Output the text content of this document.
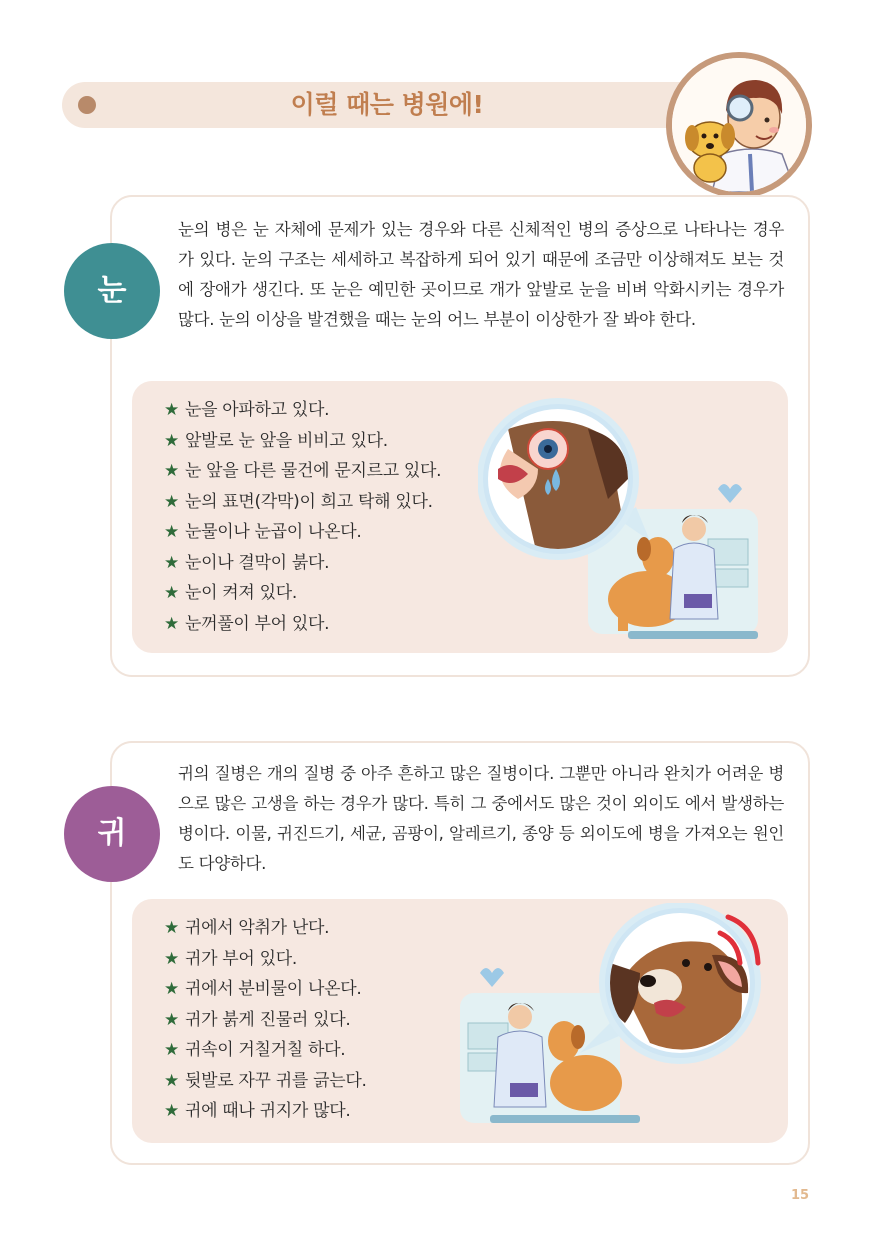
이럴 때는 병원에!
눈의 병은 눈 자체에 문제가 있는 경우와 다른 신체적인 병의 증상으로 나타나는 경우가 있다. 눈의 구조는 세세하고 복잡하게 되어 있기 때문에 조금만 이상해져도 보는 것에 장애가 생긴다. 또 눈은 예민한 곳이므로 개가 앞발로 눈을 비벼 악화시키는 경우가 많다. 눈의 이상을 발견했을 때는 눈의 어느 부분이 이상한가 잘 봐야 한다.
★ 눈을 아파하고 있다.
★ 앞발로 눈 앞을 비비고 있다.
★ 눈 앞을 다른 물건에 문지르고 있다.
★ 눈의 표면(각막)이 희고 탁해 있다.
★ 눈물이나 눈곱이 나온다.
★ 눈이나 결막이 붉다.
★ 눈이 켜져 있다.
★ 눈꺼풀이 부어 있다.
눈
귀의 질병은 개의 질병 중 아주 흔하고 많은 질병이다. 그뿐만 아니라 완치가 어려운 병으로 많은 고생을 하는 경우가 많다. 특히 그 중에서도 많은 것이 외이도 에서 발생하는 병이다. 이물, 귀진드기, 세균, 곰팡이, 알레르기, 종양 등 외이도에 병을 가져오는 원인도 다양하다.
★ 귀에서 악취가 난다.
★ 귀가 부어 있다.
★ 귀에서 분비물이 나온다.
★ 귀가 붉게 진물러 있다.
★ 귀속이 거칠거칠 하다.
★ 뒷발로 자꾸 귀를 긁는다.
★ 귀에 때나 귀지가 많다.
귀
15
